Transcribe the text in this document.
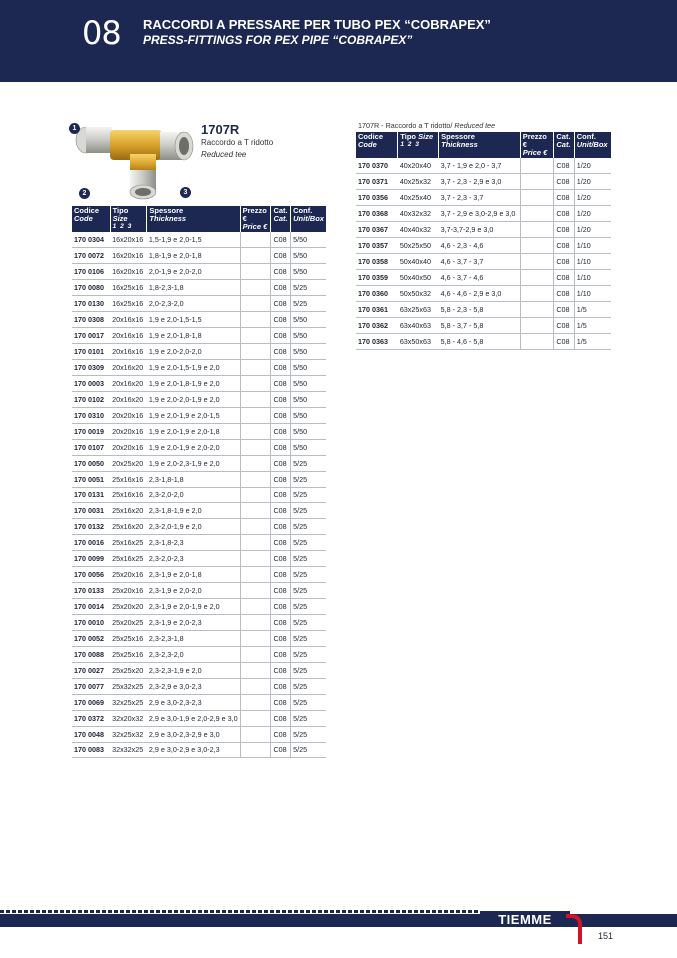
08 RACCORDI A PRESSARE PER TUBO PEX “COBRAPEX”
PRESS-FITTINGS FOR PEX PIPE “COBRAPEX”
1
2	3
1707R
Raccordo a T ridotto
Reduced tee
Codice
Code	Tipo Size
1 2 3	Spessore
Thickness	Prezzo €
Price €	Cat.
Cat.	Conf.
Unit/Box

170 0304	16x20x16	1,5-1,9 e 2,0-1,5		C08	5/50
170 0072	16x20x16	1,8-1,9 e 2,0-1,8		C08	5/50
170 0106	16x20x16	2,0-1,9 e 2,0-2,0		C08	5/50
170 0080	16x25x16	1,8-2,3-1,8		C08	5/25
170 0130	16x25x16	2,0-2,3-2,0		C08	5/25
170 0308	20x16x16	1,9 e 2,0-1,5-1,5		C08	5/50
170 0017	20x16x16	1,9 e 2,0-1,8-1,8		C08	5/50
170 0101	20x16x16	1,9 e 2,0-2,0-2,0		C08	5/50
170 0309	20x16x20	1,9 e 2,0-1,5-1,9 e 2,0		C08	5/50
170 0003	20x16x20	1,9 e 2,0-1,8-1,9 e 2,0		C08	5/50
170 0102	20x16x20	1,9 e 2,0-2,0-1,9 e 2,0		C08	5/50
170 0310	20x20x16	1,9 e 2,0-1,9 e 2,0-1,5		C08	5/50
170 0019	20x20x16	1,9 e 2,0-1,9 e 2,0-1,8		C08	5/50
170 0107	20x20x16	1,9 e 2,0-1,9 e 2,0-2,0		C08	5/50
170 0050	20x25x20	1,9 e 2,0-2,3-1,9 e 2,0		C08	5/25
170 0051	25x16x16	2,3-1,8-1,8		C08	5/25
170 0131	25x16x16	2,3-2,0-2,0		C08	5/25
170 0031	25x16x20	2,3-1,8-1,9 e 2,0		C08	5/25
170 0132	25x16x20	2,3-2,0-1,9 e 2,0		C08	5/25
170 0016	25x16x25	2,3-1,8-2,3		C08	5/25
170 0099	25x16x25	2,3-2,0-2,3		C08	5/25
170 0056	25x20x16	2,3-1,9 e 2,0-1,8		C08	5/25
170 0133	25x20x16	2,3-1,9 e 2,0-2,0		C08	5/25
170 0014	25x20x20	2,3-1,9 e 2,0-1,9 e 2,0		C08	5/25
170 0010	25x20x25	2,3-1,9 e 2,0-2,3		C08	5/25
170 0052	25x25x16	2,3-2,3-1,8		C08	5/25
170 0088	25x25x16	2,3-2,3-2,0		C08	5/25
170 0027	25x25x20	2,3-2,3-1,9 e 2,0		C08	5/25
170 0077	25x32x25	2,3-2,9 e 3,0-2,3		C08	5/25
170 0069	32x25x25	2,9 e 3,0-2,3-2,3		C08	5/25
170 0372	32x20x32	2,9 e 3,0-1,9 e 2,0-2,9 e 3,0		C08	5/25
170 0048	32x25x32	2,9 e 3,0-2,3-2,9 e 3,0		C08	5/25
170 0083	32x32x25	2,9 e 3,0-2,9 e 3,0-2,3		C08	5/25
1707R - Raccordo a T ridotto/ Reduced tee
Codice
Code	Tipo Size
1 2 3	Spessore
Thickness	Prezzo €
Price €	Cat.
Cat.	Conf.
Unit/Box

170 0370	40x20x40	3,7 - 1,9 e 2,0 - 3,7		C08	1/20
170 0371	40x25x32	3,7 - 2,3 - 2,9 e 3,0		C08	1/20
170 0356	40x25x40	3,7 - 2,3 - 3,7		C08	1/20
170 0368	40x32x32	3,7 - 2,9 e 3,0-2,9 e 3,0		C08	1/20
170 0367	40x40x32	3,7-3,7-2,9 e 3,0		C08	1/20
170 0357	50x25x50	4,6 - 2,3 - 4,6		C08	1/10
170 0358	50x40x40	4,6 - 3,7 - 3,7		C08	1/10
170 0359	50x40x50	4,6 - 3,7 - 4,6		C08	1/10
170 0360	50x50x32	4,6 - 4,6 - 2,9 e 3,0		C08	1/10
170 0361	63x25x63	5,8 - 2,3 - 5,8		C08	1/5
170 0362	63x40x63	5,8 - 3,7 - 5,8		C08	1/5
170 0363	63x50x63	5,8 - 4,6 - 5,8		C08	1/5
TIEMME
151
